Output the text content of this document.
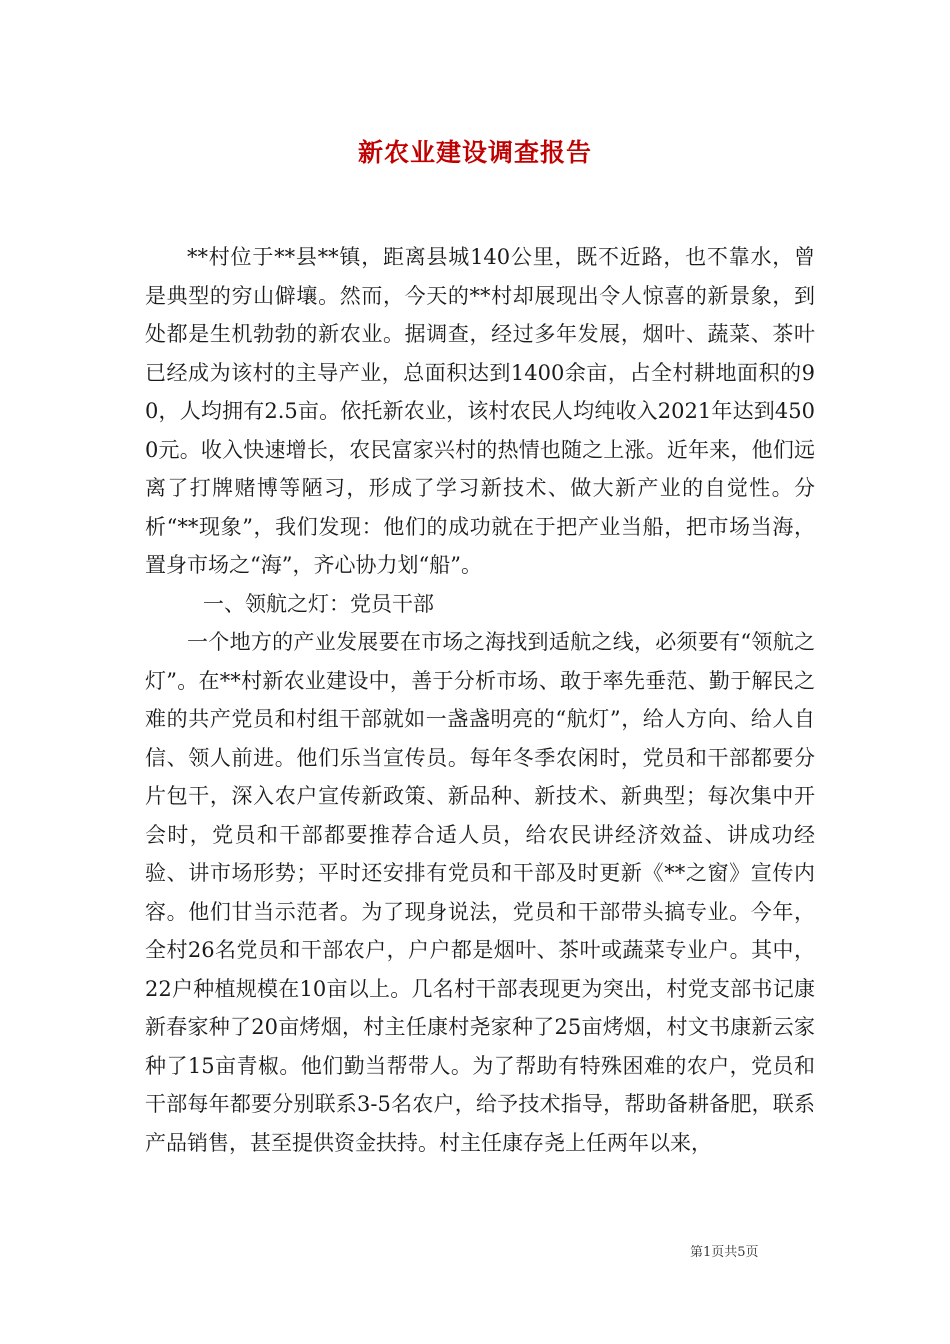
新农业建设调查报告

**村位于**县**镇，距离县城140公里，既不近路，也不靠水，曾是典型的穷山僻壤。然而，今天的**村却展现出令人惊喜的新景象，到处都是生机勃勃的新农业。据调查，经过多年发展，烟叶、蔬菜、茶叶已经成为该村的主导产业，总面积达到1400余亩，占全村耕地面积的90，人均拥有2.5亩。依托新农业，该村农民人均纯收入2021年达到4500元。收入快速增长，农民富家兴村的热情也随之上涨。近年来，他们远离了打牌赌博等陋习，形成了学习新技术、做大新产业的自觉性。分析“**现象”，我们发现：他们的成功就在于把产业当船，把市场当海，置身市场之“海”，齐心协力划“船”。

一、领航之灯：党员干部

一个地方的产业发展要在市场之海找到适航之线，必须要有“领航之灯”。在**村新农业建设中，善于分析市场、敢于率先垂范、勤于解民之难的共产党员和村组干部就如一盏盏明亮的“航灯”，给人方向、给人自信、领人前进。他们乐当宣传员。每年冬季农闲时，党员和干部都要分片包干，深入农户宣传新政策、新品种、新技术、新典型；每次集中开会时，党员和干部都要推荐合适人员，给农民讲经济效益、讲成功经验、讲市场形势；平时还安排有党员和干部及时更新《**之窗》宣传内容。他们甘当示范者。为了现身说法，党员和干部带头搞专业。今年，全村26名党员和干部农户，户户都是烟叶、茶叶或蔬菜专业户。其中，22户种植规模在10亩以上。几名村干部表现更为突出，村党支部书记康新春家种了20亩烤烟，村主任康村尧家种了25亩烤烟，村文书康新云家种了15亩青椒。他们勤当帮带人。为了帮助有特殊困难的农户，党员和干部每年都要分别联系3-5名农户，给予技术指导，帮助备耕备肥，联系产品销售，甚至提供资金扶持。村主任康存尧上任两年以来，

第1页共5页
